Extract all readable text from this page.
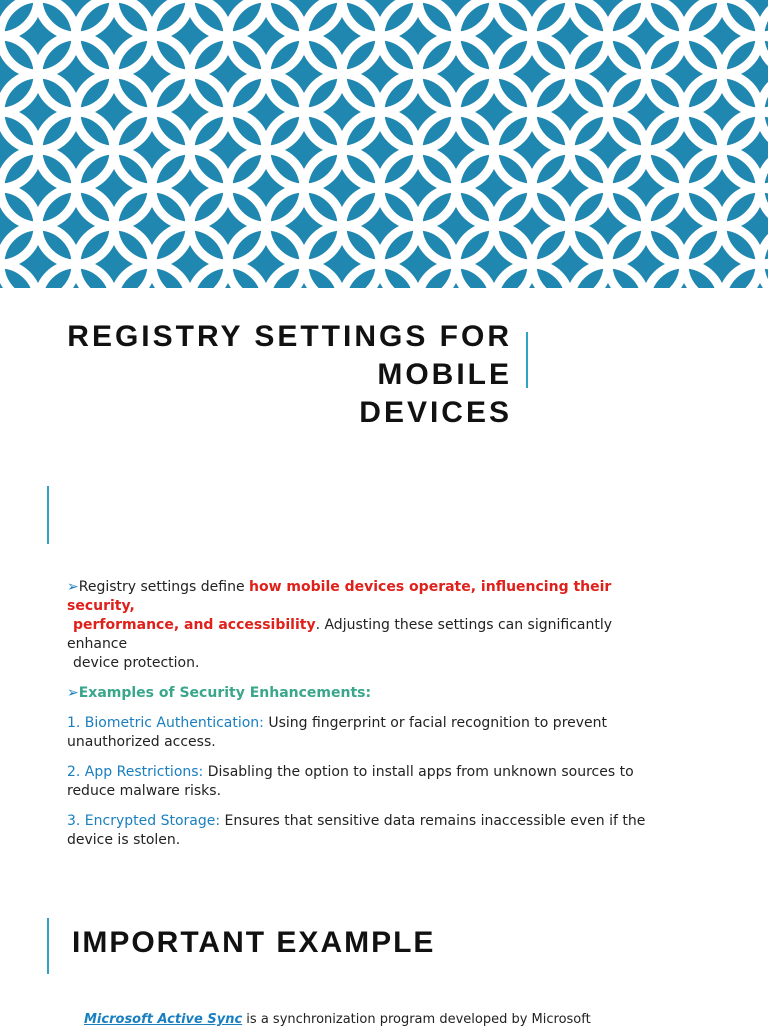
REGISTRY SETTINGS FOR MOBILE
DEVICES

➢Registry settings define how mobile devices operate, influencing their security,
performance, and accessibility. Adjusting these settings can significantly enhance
device protection.

➢Examples of Security Enhancements:

1. Biometric Authentication: Using fingerprint or facial recognition to prevent
unauthorized access.

2. App Restrictions: Disabling the option to install apps from unknown sources to
reduce malware risks.

3. Encrypted Storage: Ensures that sensitive data remains inaccessible even if the
device is stolen.

IMPORTANT EXAMPLE
Microsoft Active Sync is a synchronization program developed by Microsoft
